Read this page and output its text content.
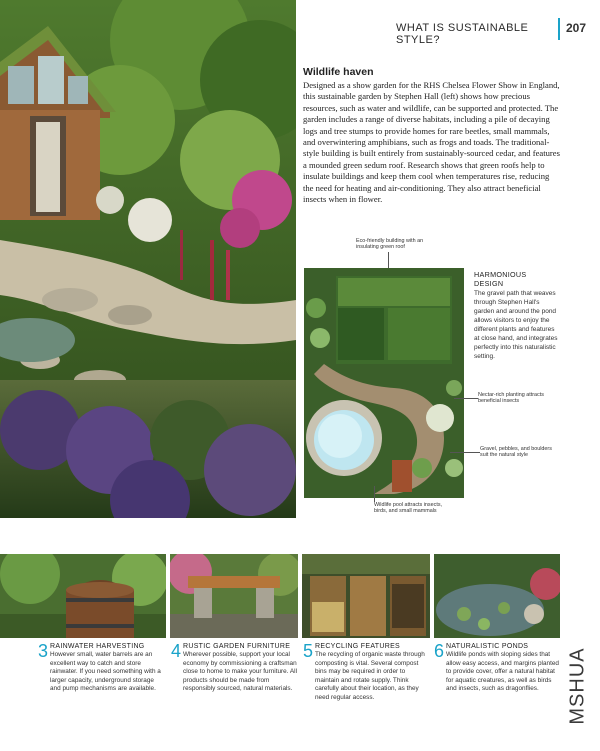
WHAT IS SUSTAINABLE STYLE?
207
Wildlife haven

Designed as a show garden for the RHS Chelsea Flower Show in England, this sustainable garden by Stephen Hall (left) shows how precious resources, such as water and wildlife, can be supported and protected. The garden includes a range of diverse habitats, including a pile of decaying logs and tree stumps to provide homes for rare beetles, small mammals, and overwintering amphibians, such as frogs and toads. The traditional-style building is built entirely from sustainably-sourced cedar, and features a mounded green sedum roof. Research shows that green roofs help to insulate buildings and keep them cool when temperatures rise, reducing the need for heating and air-conditioning. They also attract beneficial insects when in flower.

Eco-friendly building with an insulating green roof
Nectar-rich planting attracts beneficial insects
Gravel, pebbles, and boulders suit the natural style
Wildlife pool attracts insects, birds, and small mammals
HARMONIOUS DESIGN

The gravel path that weaves through Stephen Hall's garden and around the pond allows visitors to enjoy the different plants and features at close hand, and integrates perfectly into this naturalistic setting.

3 RAINWATER HARVESTING
However small, water barrels are an excellent way to catch and store rainwater. If you need something with a larger capacity, underground storage and pump mechanisms are available.
4 RUSTIC GARDEN FURNITURE
Wherever possible, support your local economy by commissioning a craftsman close to home to make your furniture. All products should be made from responsibly sourced, natural materials.
5 RECYCLING FEATURES
The recycling of organic waste through composting is vital. Several compost bins may be required in order to maintain and rotate supply. Think carefully about their location, as they need regular access.
6 NATURALISTIC PONDS
Wildlife ponds with sloping sides that allow easy access, and margins planted to provide cover, offer a natural habitat for aquatic creatures, as well as birds and insects, such as dragonflies.	MSHUA
